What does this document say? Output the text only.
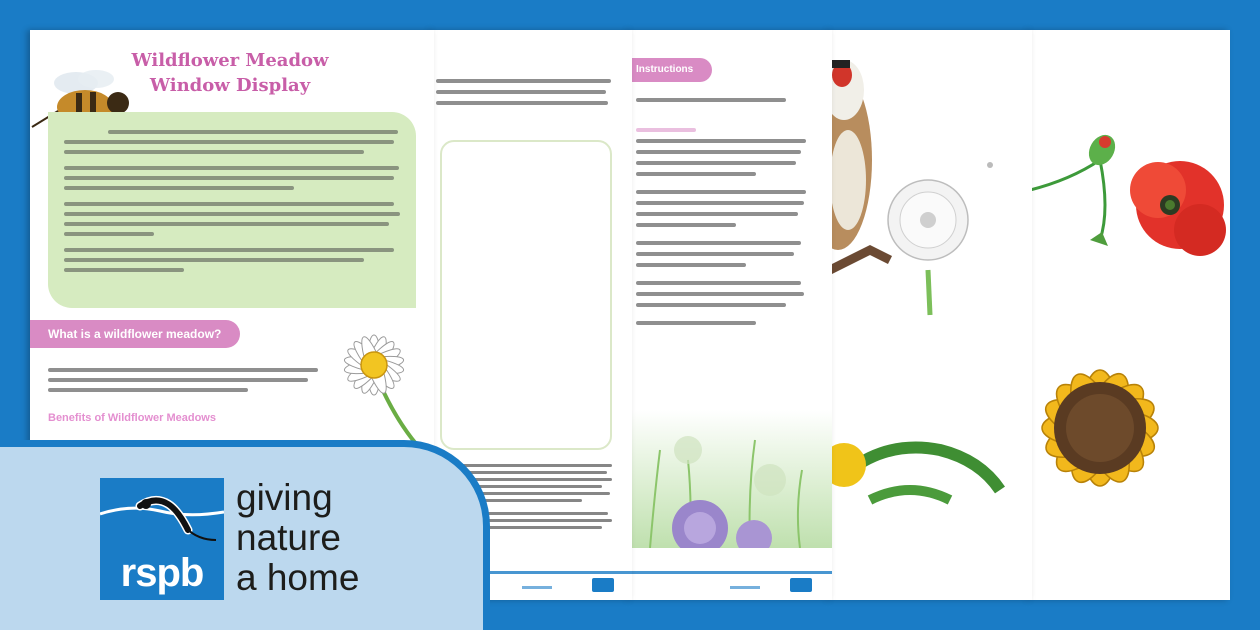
Instructions
Wildflower Meadow
Window Display
What is a wildflower meadow?
Benefits of Wildflower Meadows
rspb
giving
nature
a home
